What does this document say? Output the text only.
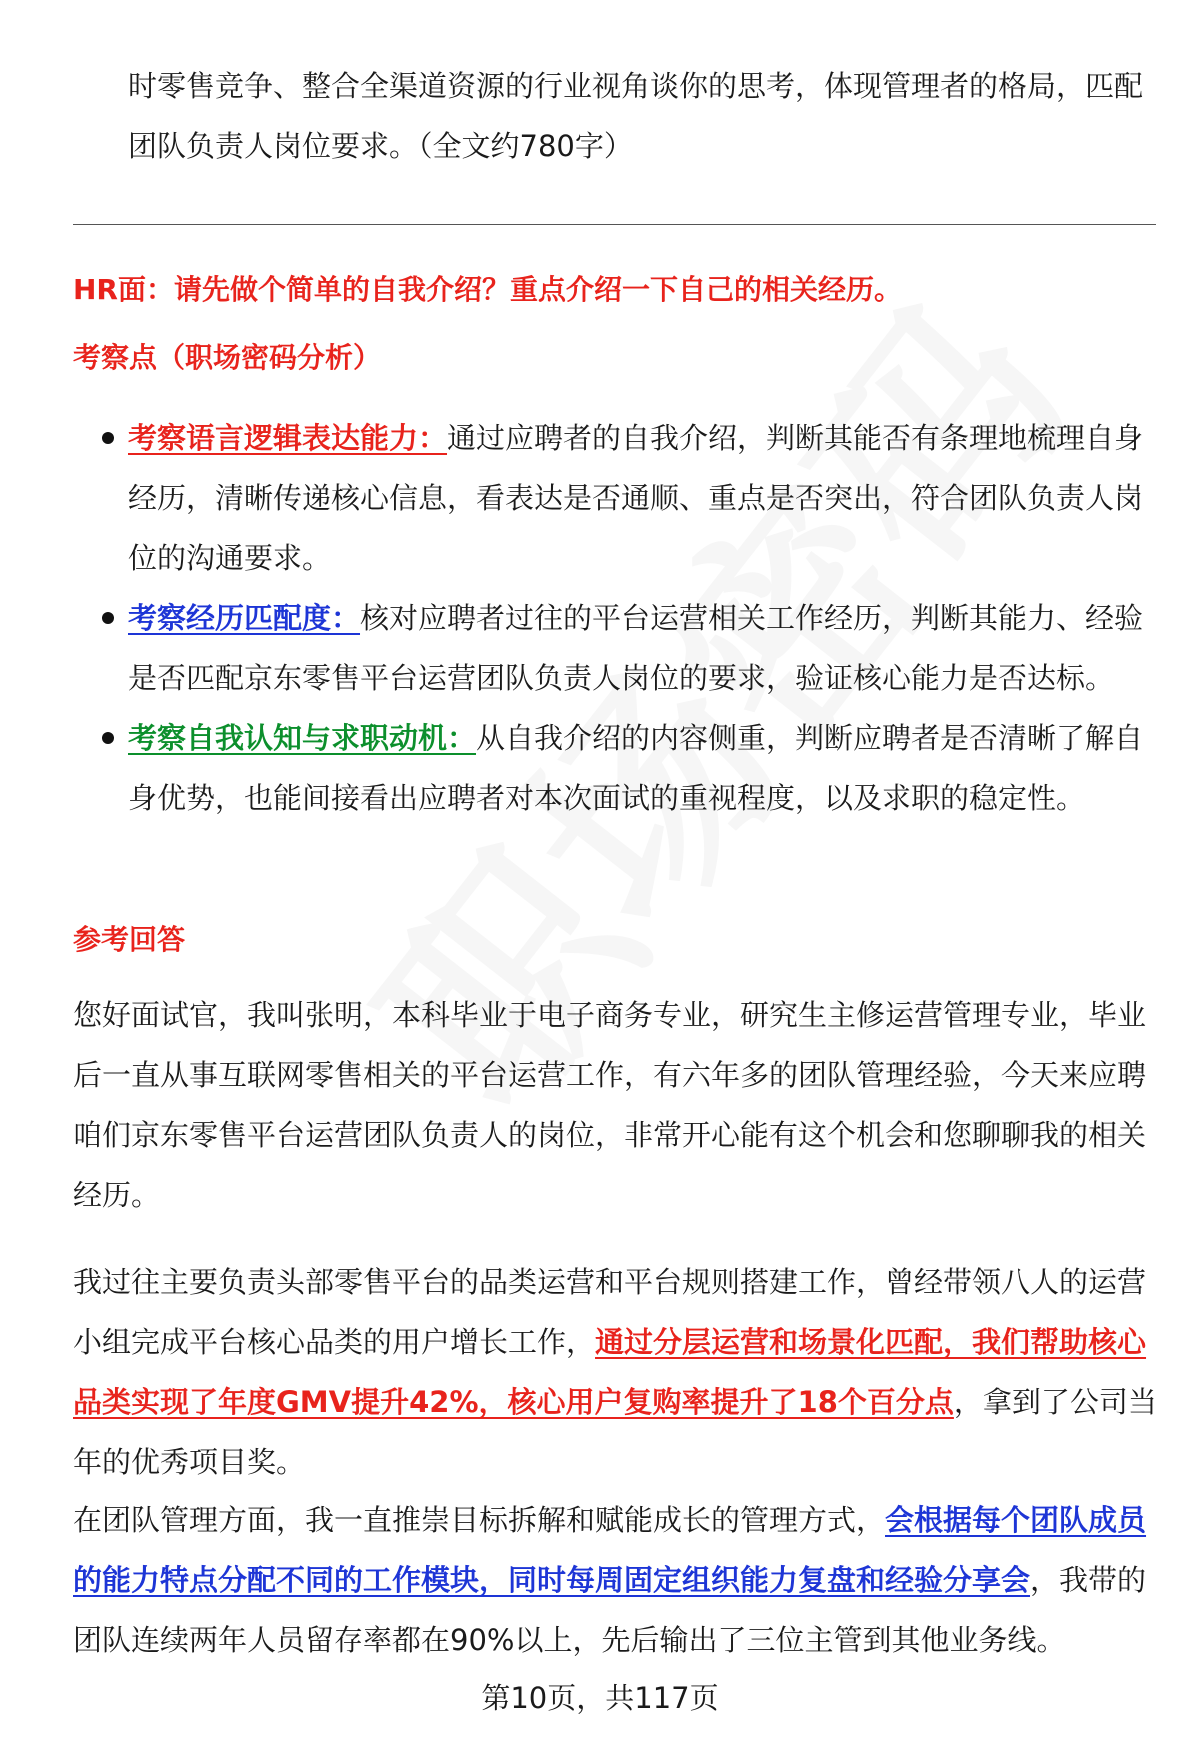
时零售竞争、整合全渠道资源的行业视角谈你的思考，体现管理者的格局，匹配团队负责人岗位要求。（全文约780字）

HR面：请先做个简单的自我介绍？重点介绍一下自己的相关经历。

考察点（职场密码分析）

考察语言逻辑表达能力：通过应聘者的自我介绍，判断其能否有条理地梳理自身经历，清晰传递核心信息，看表达是否通顺、重点是否突出，符合团队负责人岗位的沟通要求。
考察经历匹配度：核对应聘者过往的平台运营相关工作经历，判断其能力、经验是否匹配京东零售平台运营团队负责人岗位的要求，验证核心能力是否达标。
考察自我认知与求职动机：从自我介绍的内容侧重，判断应聘者是否清晰了解自身优势，也能间接看出应聘者对本次面试的重视程度，以及求职的稳定性。

参考回答

您好面试官，我叫张明，本科毕业于电子商务专业，研究生主修运营管理专业，毕业后一直从事互联网零售相关的平台运营工作，有六年多的团队管理经验，今天来应聘咱们京东零售平台运营团队负责人的岗位，非常开心能有这个机会和您聊聊我的相关经历。

我过往主要负责头部零售平台的品类运营和平台规则搭建工作，曾经带领八人的运营小组完成平台核心品类的用户增长工作，通过分层运营和场景化匹配，我们帮助核心品类实现了年度GMV提升42%，核心用户复购率提升了18个百分点，拿到了公司当年的优秀项目奖。

在团队管理方面，我一直推崇目标拆解和赋能成长的管理方式，会根据每个团队成员的能力特点分配不同的工作模块，同时每周固定组织能力复盘和经验分享会，我带的团队连续两年人员留存率都在90%以上，先后输出了三位主管到其他业务线。

第10页，共117页
